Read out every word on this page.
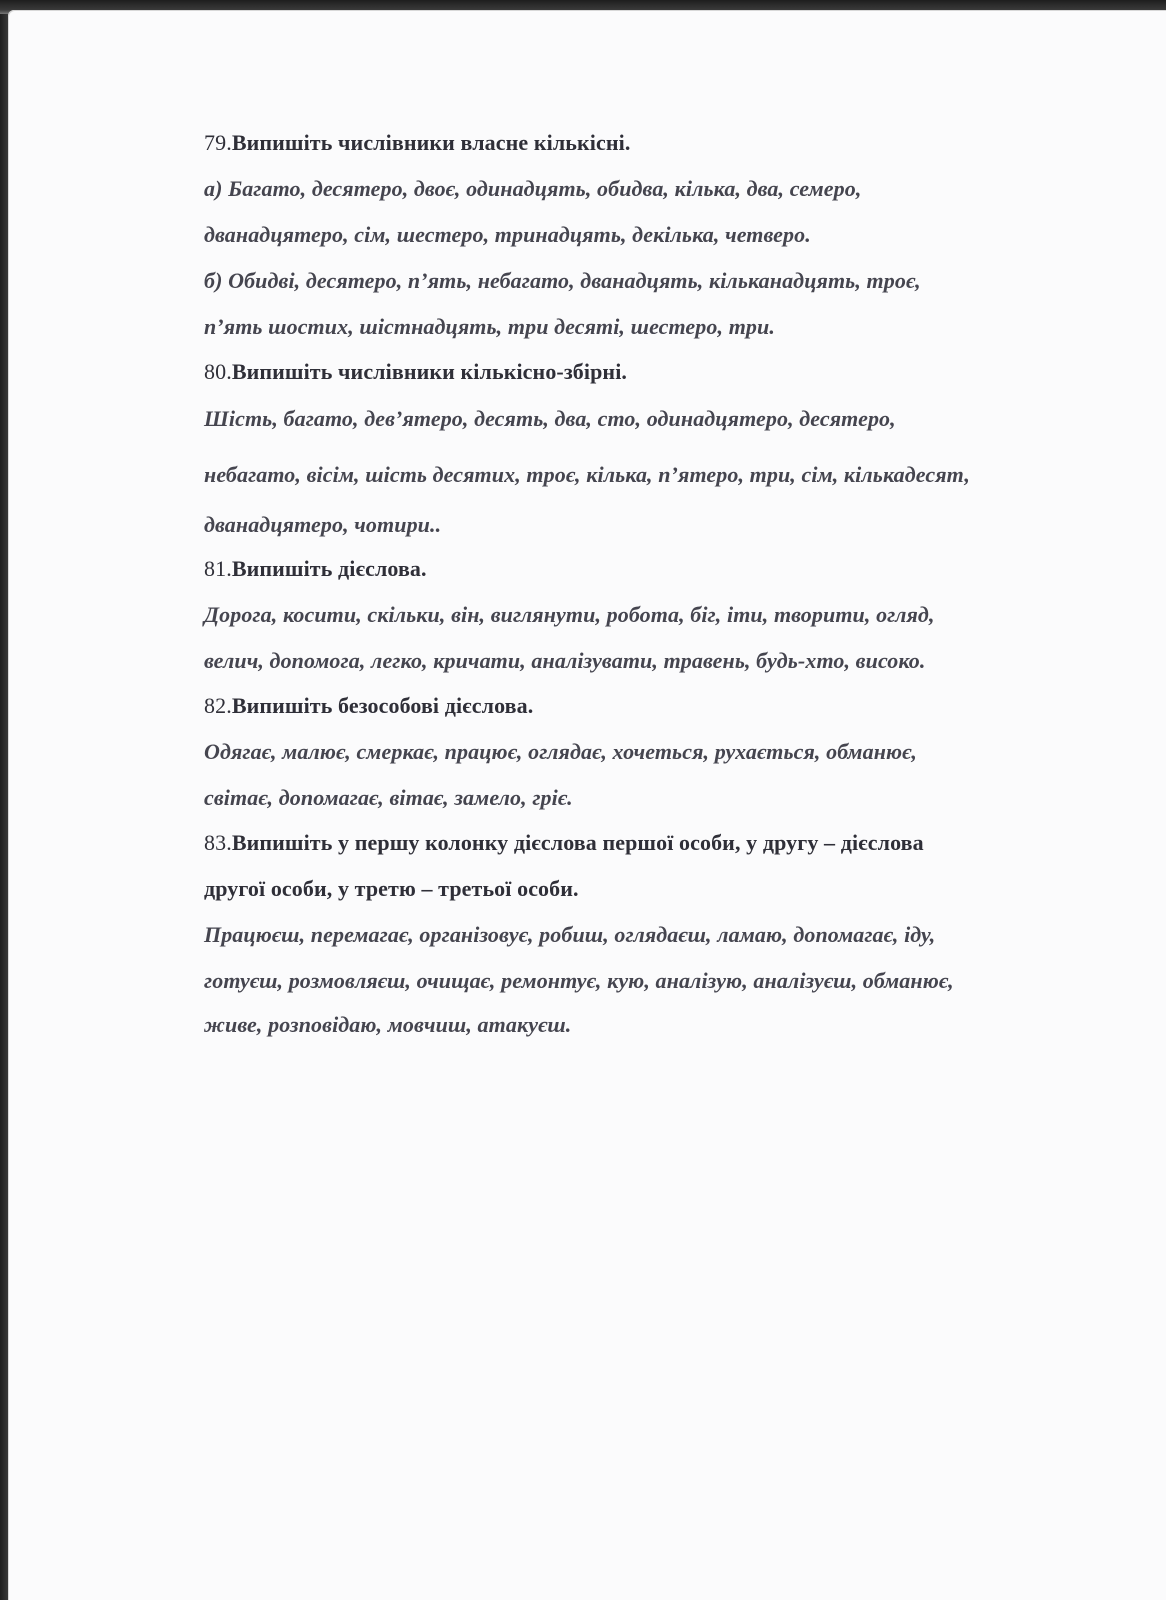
79.Випишіть числівники власне кількісні.
а) Багато, десятеро, двоє, одинадцять, обидва, кілька, два, семеро,
дванадцятеро, сім, шестеро, тринадцять, декілька, четверо.
б) Обидві, десятеро, п’ять, небагато, дванадцять, кільканадцять, троє,
п’ять шостих, шістнадцять, три десяті, шестеро, три.
80.Випишіть числівники кількісно-збірні.
Шість, багато, дев’ятеро, десять, два, сто, одинадцятеро, десятеро,
небагато, вісім, шість десятих, троє, кілька, п’ятеро, три, сім, кількадесят,
дванадцятеро, чотири..
81.Випишіть дієслова.
Дорога, косити, скільки, він, виглянути, робота, біг, іти, творити, огляд,
велич, допомога, легко, кричати, аналізувати, травень, будь-хто, високо.
82.Випишіть безособові дієслова.
Одягає, малює, смеркає, працює, оглядає, хочеться, рухається, обманює,
світає, допомагає, вітає, замело, гріє.
83.Випишіть у першу колонку дієслова першої особи, у другу – дієслова
другої особи, у третю – третьої особи.
Працюєш, перемагає, організовує, робиш, оглядаєш, ламаю, допомагає, іду,
готуєш, розмовляєш, очищає, ремонтує, кую, аналізую, аналізуєш, обманює,
живе, розповідаю, мовчиш, атакуєш.
